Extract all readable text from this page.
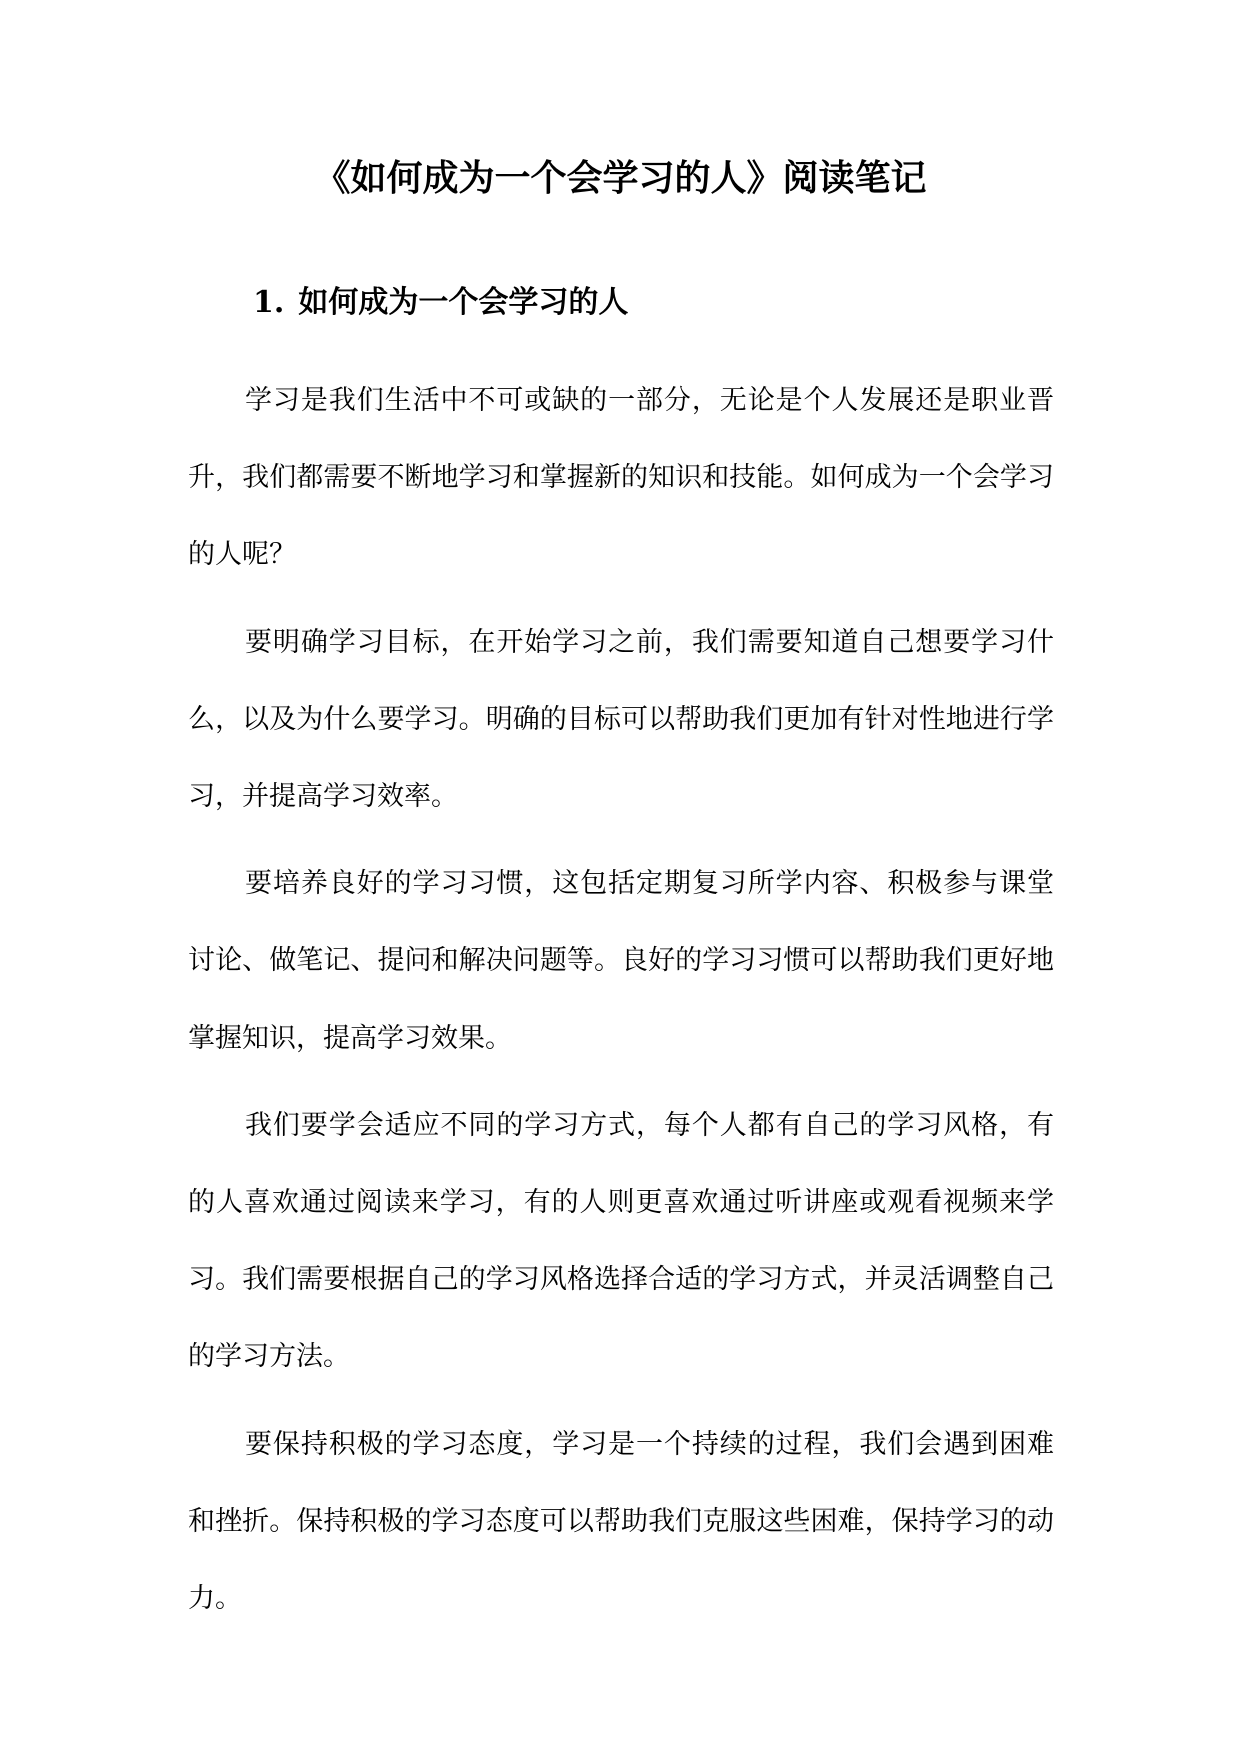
《如何成为一个会学习的人》阅读笔记
1. 如何成为一个会学习的人

学习是我们生活中不可或缺的一部分，无论是个人发展还是职业晋升，我们都需要不断地学习和掌握新的知识和技能。如何成为一个会学习的人呢？

要明确学习目标，在开始学习之前，我们需要知道自己想要学习什么，以及为什么要学习。明确的目标可以帮助我们更加有针对性地进行学习，并提高学习效率。

要培养良好的学习习惯，这包括定期复习所学内容、积极参与课堂讨论、做笔记、提问和解决问题等。良好的学习习惯可以帮助我们更好地掌握知识，提高学习效果。

我们要学会适应不同的学习方式，每个人都有自己的学习风格，有的人喜欢通过阅读来学习，有的人则更喜欢通过听讲座或观看视频来学习。我们需要根据自己的学习风格选择合适的学习方式，并灵活调整自己的学习方法。

要保持积极的学习态度，学习是一个持续的过程，我们会遇到困难和挫折。保持积极的学习态度可以帮助我们克服这些困难，保持学习的动力。
